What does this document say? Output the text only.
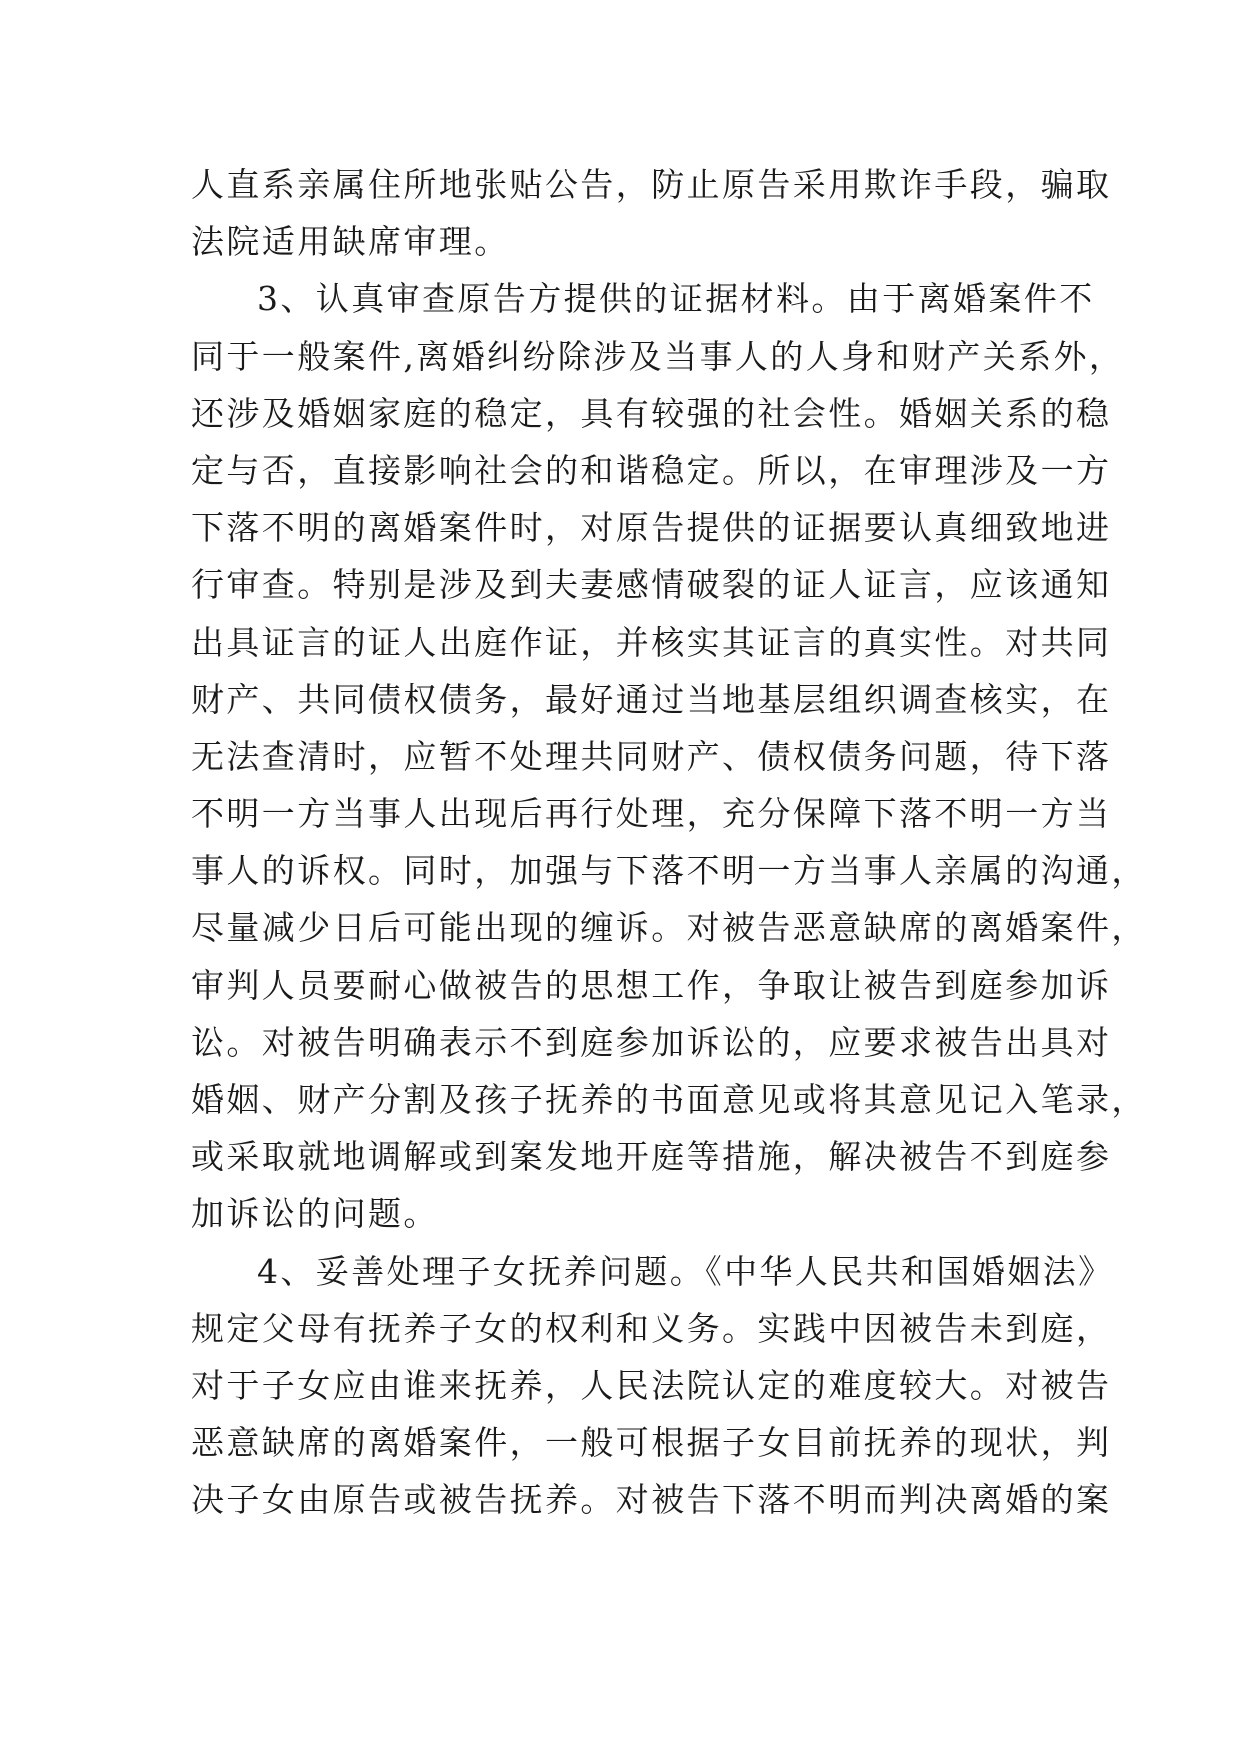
人直系亲属住所地张贴公告，防止原告采用欺诈手段，骗取
法院适用缺席审理。
3、认真审查原告方提供的证据材料。由于离婚案件不
同于一般案件,离婚纠纷除涉及当事人的人身和财产关系外，
还涉及婚姻家庭的稳定，具有较强的社会性。婚姻关系的稳
定与否，直接影响社会的和谐稳定。所以，在审理涉及一方
下落不明的离婚案件时，对原告提供的证据要认真细致地进
行审查。特别是涉及到夫妻感情破裂的证人证言，应该通知
出具证言的证人出庭作证，并核实其证言的真实性。对共同
财产、共同债权债务，最好通过当地基层组织调查核实，在
无法查清时，应暂不处理共同财产、债权债务问题，待下落
不明一方当事人出现后再行处理，充分保障下落不明一方当
事人的诉权。同时，加强与下落不明一方当事人亲属的沟通，
尽量减少日后可能出现的缠诉。对被告恶意缺席的离婚案件，
审判人员要耐心做被告的思想工作，争取让被告到庭参加诉
讼。对被告明确表示不到庭参加诉讼的，应要求被告出具对
婚姻、财产分割及孩子抚养的书面意见或将其意见记入笔录，
或采取就地调解或到案发地开庭等措施，解决被告不到庭参
加诉讼的问题。
4、妥善处理子女抚养问题。《中华人民共和国婚姻法》
规定父母有抚养子女的权利和义务。实践中因被告未到庭，
对于子女应由谁来抚养，人民法院认定的难度较大。对被告
恶意缺席的离婚案件，一般可根据子女目前抚养的现状，判
决子女由原告或被告抚养。对被告下落不明而判决离婚的案
